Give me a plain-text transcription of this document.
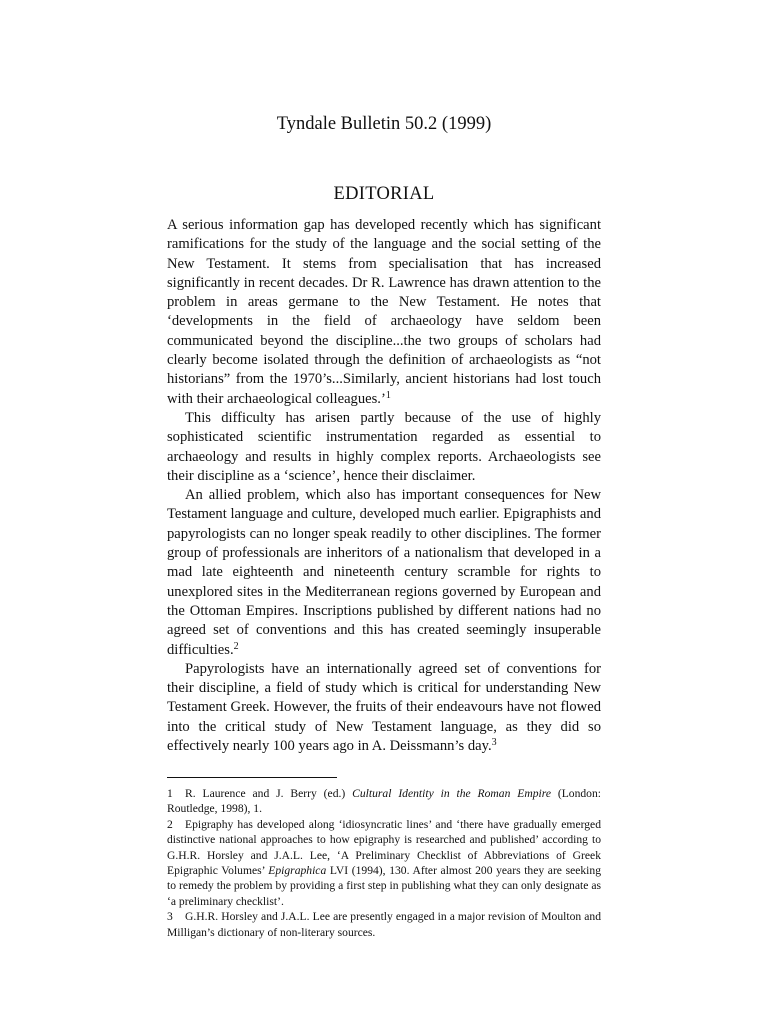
Tyndale Bulletin 50.2 (1999)
EDITORIAL

A serious information gap has developed recently which has significant ramifications for the study of the language and the social setting of the New Testament. It stems from specialisation that has increased significantly in recent decades. Dr R. Lawrence has drawn attention to the problem in areas germane to the New Testament. He notes that ‘developments in the field of archaeology have seldom been communicated beyond the discipline...the two groups of scholars had clearly become isolated through the definition of archaeologists as “not historians” from the 1970’s...Similarly, ancient historians had lost touch with their archaeological colleagues.’$^1$

This difficulty has arisen partly because of the use of highly sophisticated scientific instrumentation regarded as essential to archaeology and results in highly complex reports. Archaeologists see their discipline as a ‘science’, hence their disclaimer.

An allied problem, which also has important consequences for New Testament language and culture, developed much earlier. Epigraphists and papyrologists can no longer speak readily to other disciplines. The former group of professionals are inheritors of a nationalism that developed in a mad late eighteenth and nineteenth century scramble for rights to unexplored sites in the Mediterranean regions governed by European and the Ottoman Empires. Inscriptions published by different nations had no agreed set of conventions and this has created seemingly insuperable difficulties.$^2$

Papyrologists have an internationally agreed set of conventions for their discipline, a field of study which is critical for understanding New Testament Greek. However, the fruits of their endeavours have not flowed into the critical study of New Testament language, as they did so effectively nearly 100 years ago in A. Deissmann’s day.$^3$

1 R. Laurence and J. Berry (ed.) Cultural Identity in the Roman Empire (London: Routledge, 1998), 1.

2 Epigraphy has developed along ‘idiosyncratic lines’ and ‘there have gradually emerged distinctive national approaches to how epigraphy is researched and published’ according to G.H.R. Horsley and J.A.L. Lee, ‘A Preliminary Checklist of Abbreviations of Greek Epigraphic Volumes’ Epigraphica LVI (1994), 130. After almost 200 years they are seeking to remedy the problem by providing a first step in publishing what they can only designate as ‘a preliminary checklist’.

3 G.H.R. Horsley and J.A.L. Lee are presently engaged in a major revision of Moulton and Milligan’s dictionary of non-literary sources.
